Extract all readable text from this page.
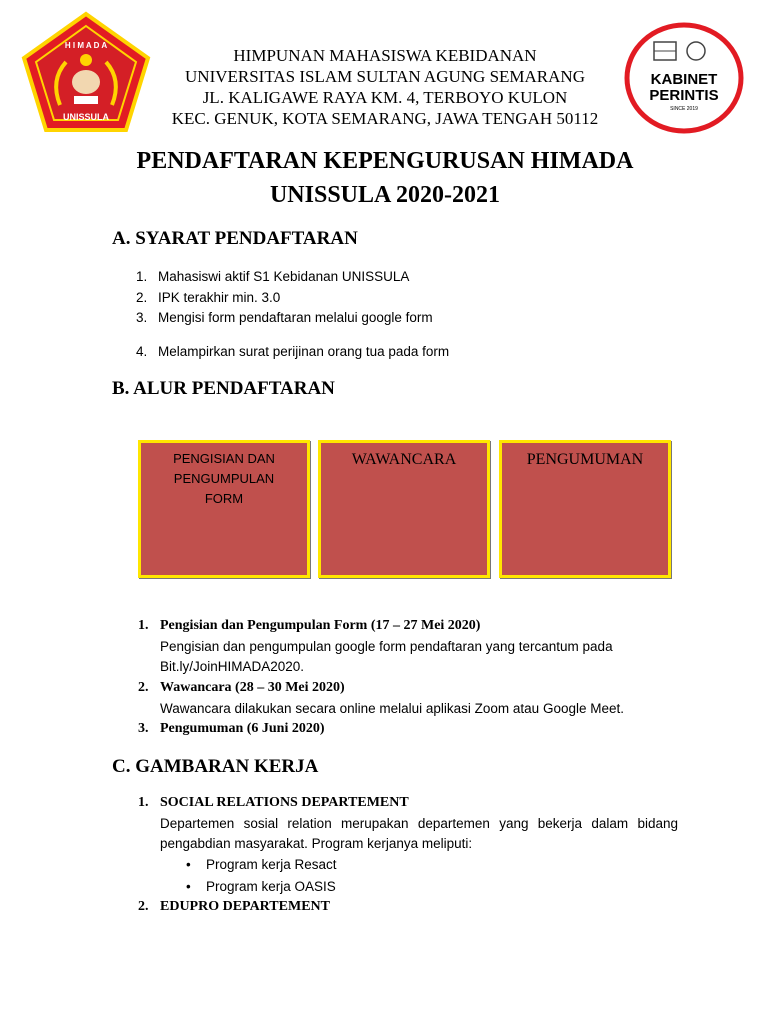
H I M A D A
UNISSULA
KABINET
PERINTIS
SINCE 2019
HIMPUNAN MAHASISWA KEBIDANAN
UNIVERSITAS ISLAM SULTAN AGUNG SEMARANG
JL. KALIGAWE RAYA KM. 4, TERBOYO KULON
KEC. GENUK, KOTA SEMARANG, JAWA TENGAH 50112
PENDAFTARAN KEPENGURUSAN HIMADA
UNISSULA 2020-2021
A. SYARAT PENDAFTARAN
1. Mahasiswi aktif S1 Kebidanan UNISSULA
2. IPK terakhir min. 3.0
3. Mengisi form pendaftaran melalui google form
4. Melampirkan surat perijinan orang tua pada form
B. ALUR PENDAFTARAN
PENGISIAN DAN PENGUMPULAN FORM
WAWANCARA	PENGUMUMAN
1. Pengisian dan Pengumpulan Form (17 – 27 Mei 2020)
Pengisian dan pengumpulan google form pendaftaran yang tercantum pada
Bit.ly/JoinHIMADA2020.
2. Wawancara (28 – 30 Mei 2020)
Wawancara dilakukan secara online melalui aplikasi Zoom atau Google Meet.
3. Pengumuman (6 Juni 2020)
C. GAMBARAN KERJA
1. SOCIAL RELATIONS DEPARTEMENT
Departemen sosial relation merupakan departemen yang bekerja dalam bidang
pengabdian masyarakat. Program kerjanya meliputi:
• Program kerja Resact
• Program kerja OASIS
2. EDUPRO DEPARTEMENT
